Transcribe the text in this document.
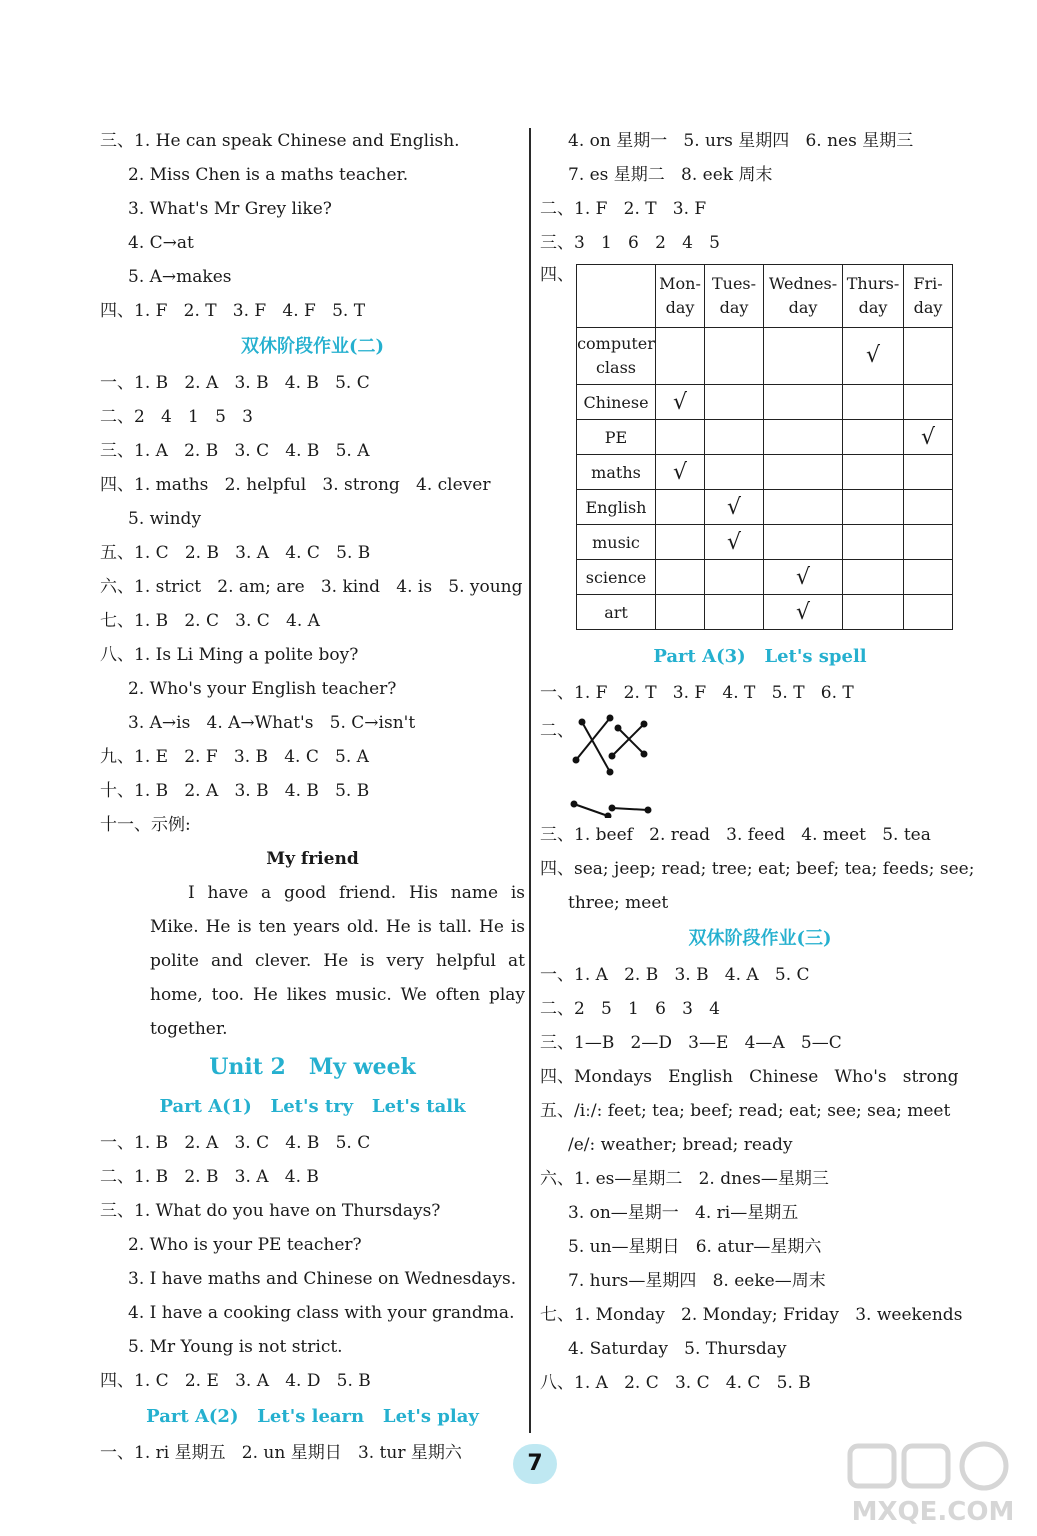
三、1. He can speak Chinese and English.
2. Miss Chen is a maths teacher.
3. What's Mr Grey like?
4. C→at
5. A→makes
四、1. F   2. T   3. F   4. F   5. T
双休阶段作业(二)
一、1. B   2. A   3. B   4. B   5. C
二、2   4   1   5   3
三、1. A   2. B   3. C   4. B   5. A
四、1. maths   2. helpful   3. strong   4. clever
5. windy
五、1. C   2. B   3. A   4. C   5. B
六、1. strict   2. am; are   3. kind   4. is   5. young
七、1. B   2. C   3. C   4. A
八、1. Is Li Ming a polite boy?
2. Who's your English teacher?
3. A→is   4. A→What's   5. C→isn't
九、1. E   2. F   3. B   4. C   5. A
十、1. B   2. A   3. B   4. B   5. B
十一、示例:
My friend

I have a good friend. His name is Mike. He is ten years old. He is tall. He is polite and clever. He is very helpful at home, too. He likes music. We often play together.

Unit 2   My week
Part A(1)   Let's try   Let's talk
一、1. B   2. A   3. C   4. B   5. C
二、1. B   2. B   3. A   4. B
三、1. What do you have on Thursdays?
2. Who is your PE teacher?
3. I have maths and Chinese on Wednesdays.
4. I have a cooking class with your grandma.
5. Mr Young is not strict.
四、1. C   2. E   3. A   4. D   5. B
Part A(2)   Let's learn   Let's play
一、1. ri 星期五   2. un 星期日   3. tur 星期六
4. on 星期一   5. urs 星期四   6. nes 星期三
7. es 星期二   8. eek 周末
二、1. F   2. T   3. F
三、3   1   6   2   4   5
四、
		Mon-
day	Tues-
day	Wednes-
day	Thurs-
day	Fri-
day
computer
class				√	
Chinese	√				
PE					√
maths	√				
English		√			
music		√			
science			√		
art			√		
Part A(3)   Let's spell
一、1. F   2. T   3. F   4. T   5. T   6. T
二、
三、1. beef   2. read   3. feed   4. meet   5. tea
四、sea; jeep; read; tree; eat; beef; tea; feeds; see;
three; meet
双休阶段作业(三)
一、1. A   2. B   3. B   4. A   5. C
二、2   5   1   6   3   4
三、1—B   2—D   3—E   4—A   5—C
四、Mondays   English   Chinese   Who's   strong
五、/iː/: feet; tea; beef; read; eat; see; sea; meet
/e/: weather; bread; ready
六、1. es—星期二   2. dnes—星期三
3. on—星期一   4. ri—星期五
5. un—星期日   6. atur—星期六
7. hurs—星期四   8. eeke—周末
七、1. Monday   2. Monday; Friday   3. weekends
4. Saturday   5. Thursday
八、1. A   2. C   3. C   4. C   5. B
7
MXQE.COM
